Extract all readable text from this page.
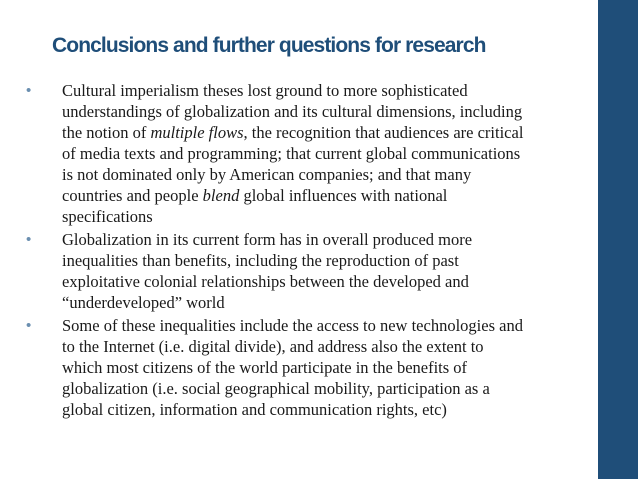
Conclusions and further questions for research
•	Cultural imperialism theses lost ground to more sophisticated
understandings of globalization and its cultural dimensions, including
the notion of multiple flows, the recognition that audiences are critical
of media texts and programming; that current global communications
is not dominated only by American companies; and that many
countries and people blend global influences with national
specifications
•	Globalization in its current form has in overall produced more
inequalities than benefits, including the reproduction of past
exploitative colonial relationships between the developed and
“underdeveloped” world
•	Some of these inequalities include the access to new technologies and
to the Internet (i.e. digital divide), and address also the extent to
which most citizens of the world participate in the benefits of
globalization (i.e. social geographical mobility, participation as a
global citizen, information and communication rights, etc)
